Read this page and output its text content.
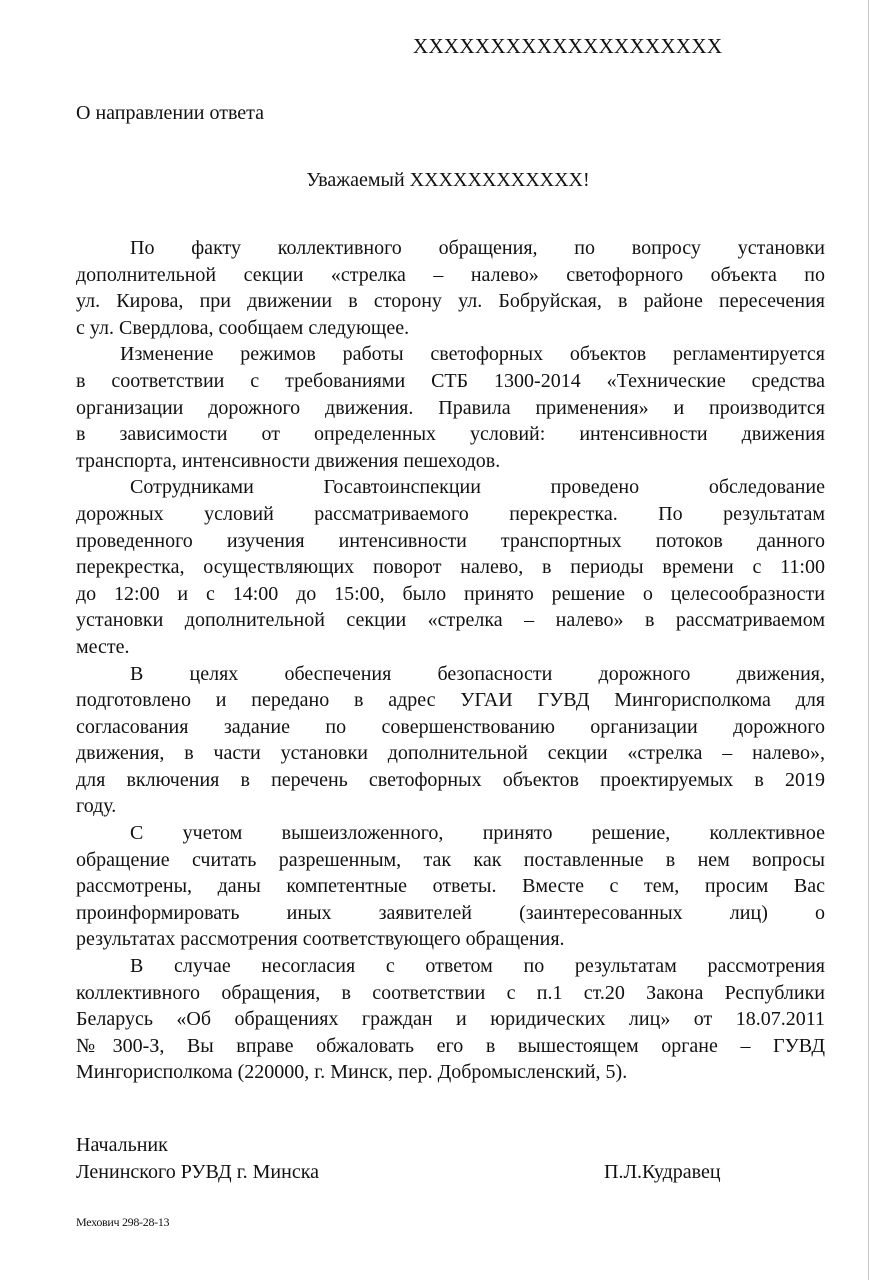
XXXXXXXXXXXXXXXXXXXX
О направлении ответа
Уважаемый XXXXXXXXXXXX!
По факту коллективного обращения, по вопросу установки
дополнительной секции «стрелка – налево» светофорного объекта по
ул. Кирова, при движении в сторону ул. Бобруйская, в районе пересечения
с ул. Свердлова, сообщаем следующее.
Изменение режимов работы светофорных объектов регламентируется
в соответствии с требованиями СТБ 1300-2014 «Технические средства
организации дорожного движения. Правила применения» и производится
в зависимости от определенных условий: интенсивности движения
транспорта, интенсивности движения пешеходов.
Сотрудниками Госавтоинспекции проведено обследование
дорожных условий рассматриваемого перекрестка. По результатам
проведенного изучения интенсивности транспортных потоков данного
перекрестка, осуществляющих поворот налево, в периоды времени с 11:00
до 12:00 и с 14:00 до 15:00, было принято решение о целесообразности
установки дополнительной секции «стрелка – налево» в рассматриваемом
месте.
В целях обеспечения безопасности дорожного движения,
подготовлено и передано в адрес УГАИ ГУВД Мингорисполкома для
согласования задание по совершенствованию организации дорожного
движения, в части установки дополнительной секции «стрелка – налево»,
для включения в перечень светофорных объектов проектируемых в 2019
году.
С учетом вышеизложенного, принято решение, коллективное
обращение считать разрешенным, так как поставленные в нем вопросы
рассмотрены, даны компетентные ответы. Вместе с тем, просим Вас
проинформировать иных заявителей (заинтересованных лиц) о
результатах рассмотрения соответствующего обращения.
В случае несогласия с ответом по результатам рассмотрения
коллективного обращения, в соответствии с п.1 ст.20 Закона Республики
Беларусь «Об обращениях граждан и юридических лиц» от 18.07.2011
№300-З, Вы вправе обжаловать его в вышестоящем органе – ГУВД
Мингорисполкома (220000, г. Минск, пер. Добромысленский, 5).
Начальник
Ленинского РУВД г. Минска	П.Л.Кудравец
Мехович 298-28-13
